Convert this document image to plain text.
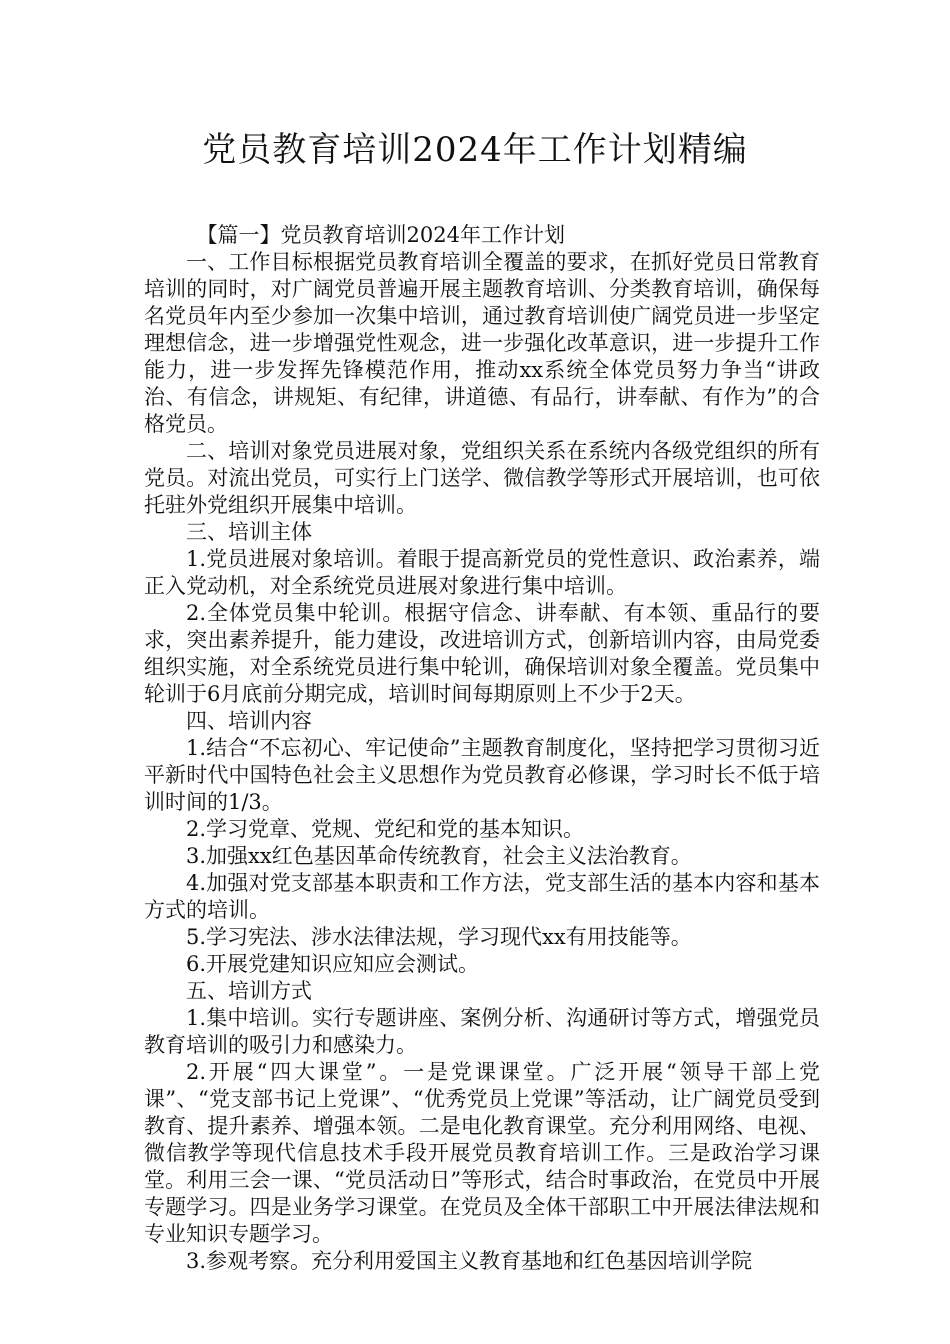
党员教育培训2024年工作计划精编

【篇一】党员教育培训2024年工作计划

一、工作目标根据党员教育培训全覆盖的要求，在抓好党员日常教育培训的同时，对广阔党员普遍开展主题教育培训、分类教育培训，确保每名党员年内至少参加一次集中培训，通过教育培训使广阔党员进一步坚定理想信念，进一步增强党性观念，进一步强化改革意识，进一步提升工作能力，进一步发挥先锋模范作用，推动xx系统全体党员努力争当“讲政治、有信念，讲规矩、有纪律，讲道德、有品行，讲奉献、有作为”的合格党员。

二、培训对象党员进展对象，党组织关系在系统内各级党组织的所有党员。对流出党员，可实行上门送学、微信教学等形式开展培训，也可依托驻外党组织开展集中培训。

三、培训主体

1.党员进展对象培训。着眼于提高新党员的党性意识、政治素养，端正入党动机，对全系统党员进展对象进行集中培训。

2.全体党员集中轮训。根据守信念、讲奉献、有本领、重品行的要求，突出素养提升，能力建设，改进培训方式，创新培训内容，由局党委组织实施，对全系统党员进行集中轮训，确保培训对象全覆盖。党员集中轮训于6月底前分期完成，培训时间每期原则上不少于2天。

四、培训内容

1.结合“不忘初心、牢记使命”主题教育制度化，坚持把学习贯彻习近平新时代中国特色社会主义思想作为党员教育必修课，学习时长不低于培训时间的1/3。

2.学习党章、党规、党纪和党的基本知识。

3.加强xx红色基因革命传统教育，社会主义法治教育。

4.加强对党支部基本职责和工作方法，党支部生活的基本内容和基本方式的培训。

5.学习宪法、涉水法律法规，学习现代xx有用技能等。

6.开展党建知识应知应会测试。

五、培训方式

1.集中培训。实行专题讲座、案例分析、沟通研讨等方式，增强党员教育培训的吸引力和感染力。

2.开展“四大课堂”。一是党课课堂。广泛开展“领导干部上党课”、“党支部书记上党课”、“优秀党员上党课”等活动，让广阔党员受到教育、提升素养、增强本领。二是电化教育课堂。充分利用网络、电视、微信教学等现代信息技术手段开展党员教育培训工作。三是政治学习课堂。利用三会一课、“党员活动日”等形式，结合时事政治，在党员中开展专题学习。四是业务学习课堂。在党员及全体干部职工中开展法律法规和专业知识专题学习。

3.参观考察。充分利用爱国主义教育基地和红色基因培训学院
